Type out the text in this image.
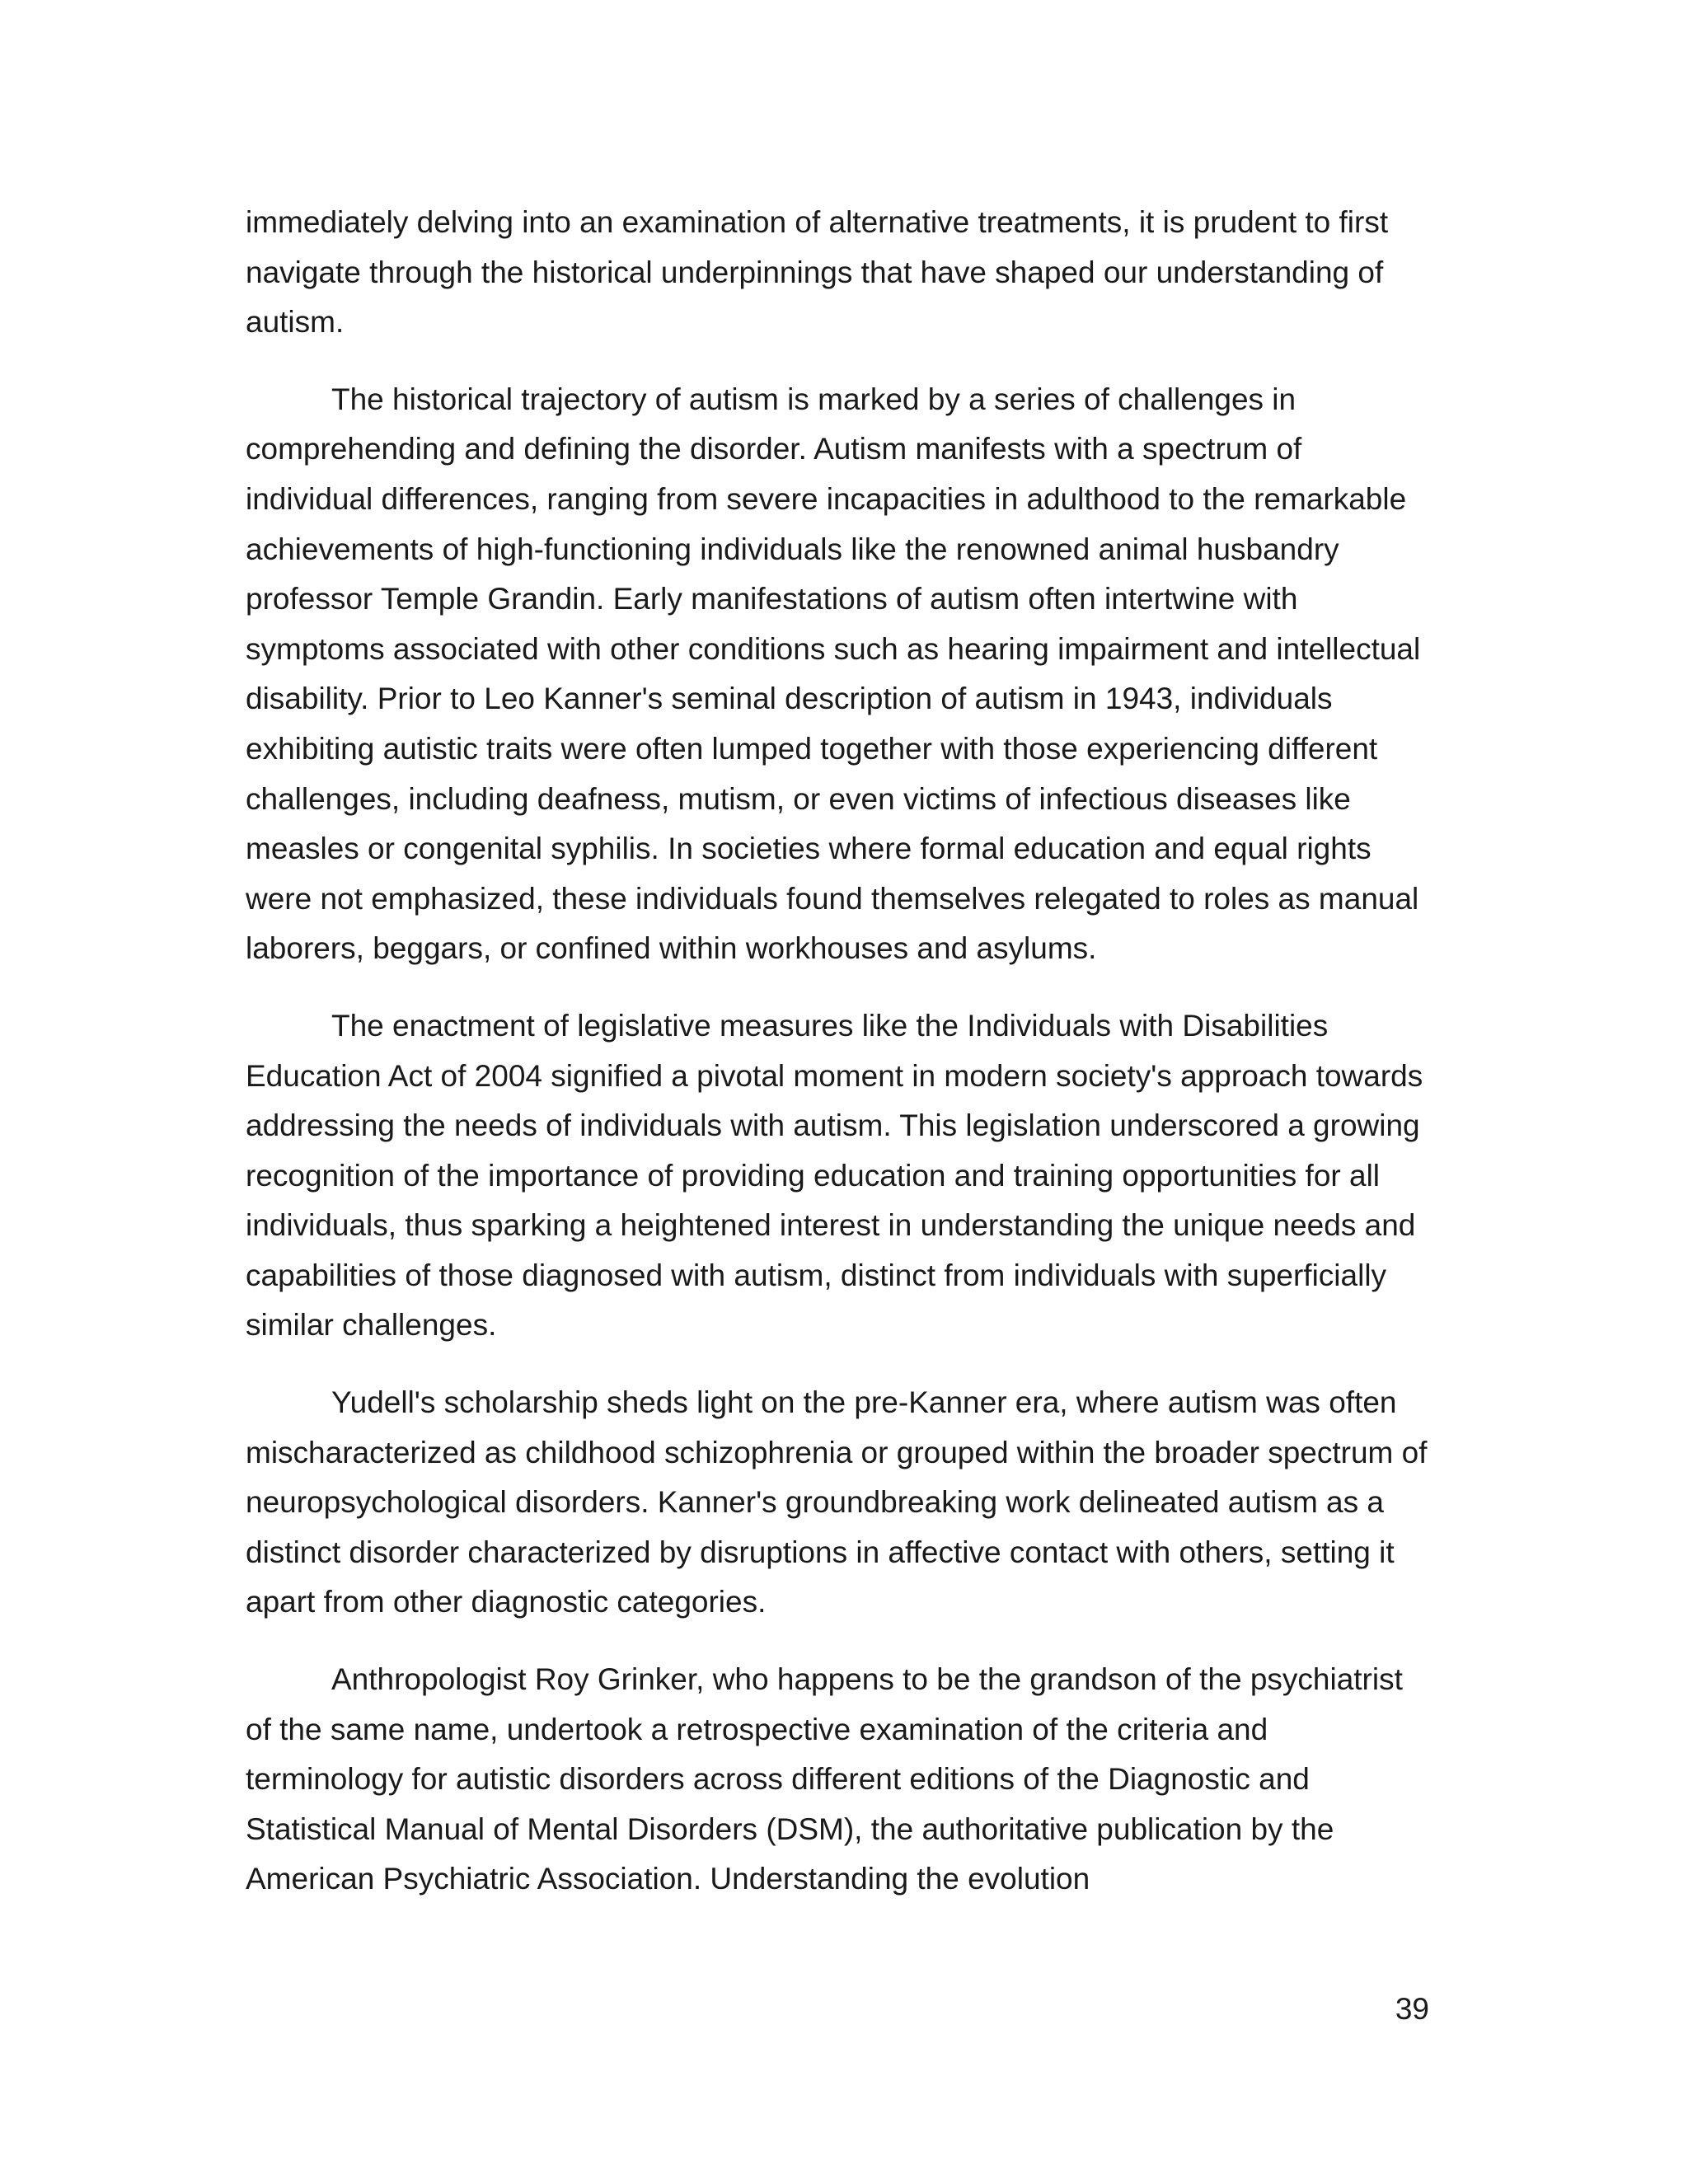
immediately delving into an examination of alternative treatments, it is prudent to first navigate through the historical underpinnings that have shaped our understanding of autism.

The historical trajectory of autism is marked by a series of challenges in comprehending and defining the disorder. Autism manifests with a spectrum of individual differences, ranging from severe incapacities in adulthood to the remarkable achievements of high-functioning individuals like the renowned animal husbandry professor Temple Grandin. Early manifestations of autism often intertwine with symptoms associated with other conditions such as hearing impairment and intellectual disability. Prior to Leo Kanner's seminal description of autism in 1943, individuals exhibiting autistic traits were often lumped together with those experiencing different challenges, including deafness, mutism, or even victims of infectious diseases like measles or congenital syphilis. In societies where formal education and equal rights were not emphasized, these individuals found themselves relegated to roles as manual laborers, beggars, or confined within workhouses and asylums.

The enactment of legislative measures like the Individuals with Disabilities Education Act of 2004 signified a pivotal moment in modern society's approach towards addressing the needs of individuals with autism. This legislation underscored a growing recognition of the importance of providing education and training opportunities for all individuals, thus sparking a heightened interest in understanding the unique needs and capabilities of those diagnosed with autism, distinct from individuals with superficially similar challenges.

Yudell's scholarship sheds light on the pre-Kanner era, where autism was often mischaracterized as childhood schizophrenia or grouped within the broader spectrum of neuropsychological disorders. Kanner's groundbreaking work delineated autism as a distinct disorder characterized by disruptions in affective contact with others, setting it apart from other diagnostic categories.

Anthropologist Roy Grinker, who happens to be the grandson of the psychiatrist of the same name, undertook a retrospective examination of the criteria and terminology for autistic disorders across different editions of the Diagnostic and Statistical Manual of Mental Disorders (DSM), the authoritative publication by the American Psychiatric Association. Understanding the evolution

39
